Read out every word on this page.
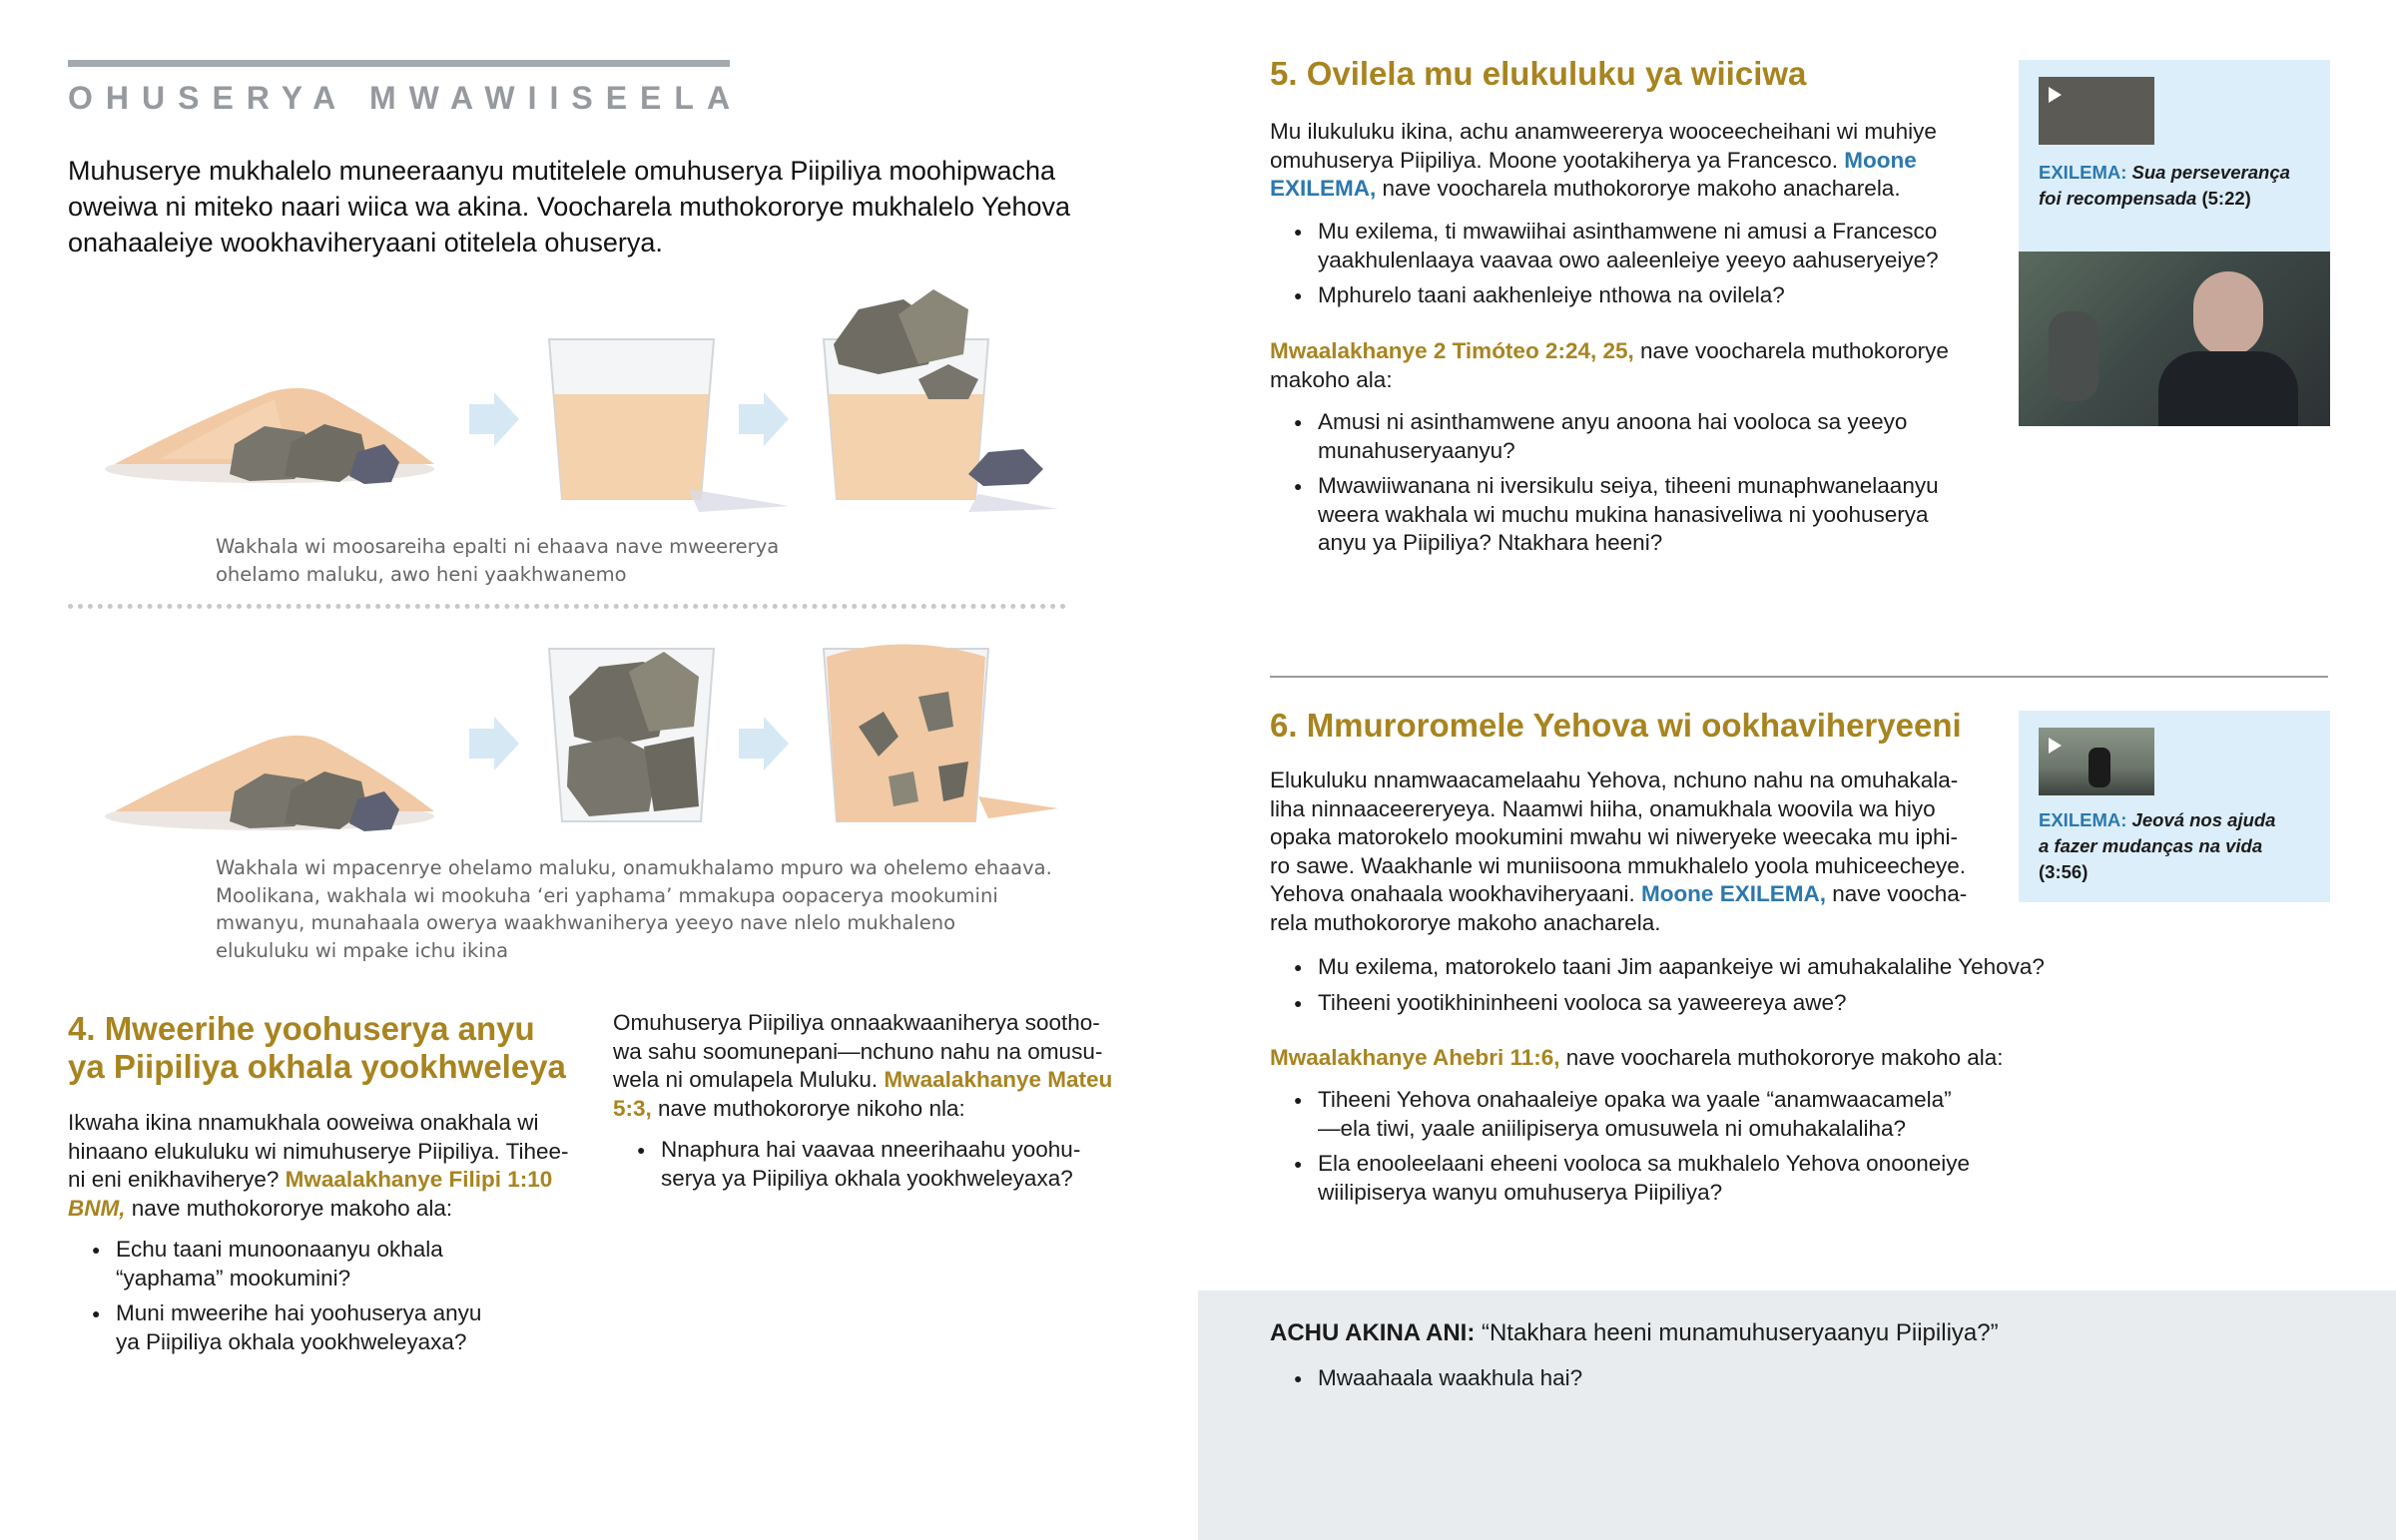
OHUSERYA MWAWIISEELA
Muhuserye mukhalelo muneeraanyu mutitelele omuhuserya Piipiliya moohipwacha oweiwa ni miteko naari wiica wa akina. Voocharela muthokororye mukhalelo Yehova onahaaleiye wookhaviheryaani otitelela ohuserya.
Wakhala wi moosareiha epalti ni ehaava nave mweererya
ohelamo maluku, awo heni yaakhwanemo
Wakhala wi mpacenrye ohelamo maluku, onamukhalamo mpuro wa ohelemo ehaava.
Moolikana, wakhala wi mookuha ‘eri yaphama’ mmakupa oopacerya mookumini
mwanyu, munahaala owerya waakhwaniherya yeeyo nave nlelo mukhaleno
elukuluku wi mpake ichu ikina
4. Mweerihe yoohuserya anyu
ya Piipiliya okhala yookhweleya
Ikwaha ikina nnamukhala ooweiwa onakhala wi
hinaano elukuluku wi nimuhuserye Piipiliya. Tihee-
ni eni enikhaviherye? Mwaalakhanye Filipi 1:10
BNM, nave muthokororye makoho ala:
● Echu taani munoonaanyu okhala
“yaphama” mookumini?
● Muni mweerihe hai yoohuserya anyu
ya Piipiliya okhala yookhweleyaxa?
Omuhuserya Piipiliya onnaakwaaniherya sootho-
wa sahu soomunepani—nchuno nahu na omusu-
wela ni omulapela Muluku. Mwaalakhanye Mateu
5:3, nave muthokororye nikoho nla:
● Nnaphura hai vaavaa nneerihaahu yoohu-
serya ya Piipiliya okhala yookhweleyaxa?
5. Ovilela mu elukuluku ya wiiciwa
Mu ilukuluku ikina, achu anamweererya wooceecheihani wi muhiye
omuhuserya Piipiliya. Moone yootakiherya ya Francesco. Moone
EXILEMA, nave voocharela muthokororye makoho anacharela.
● Mu exilema, ti mwawiihai asinthamwene ni amusi a Francesco
yaakhulenlaaya vaavaa owo aaleenleiye yeeyo aahuseryeiye?
● Mphurelo taani aakhenleiye nthowa na ovilela?
Mwaalakhanye 2 Timóteo 2:24, 25, nave voocharela muthokororye
makoho ala:
● Amusi ni asinthamwene anyu anoona hai vooloca sa yeeyo
munahuseryaanyu?
● Mwawiiwanana ni iversikulu seiya, tiheeni munaphwanelaanyu
weera wakhala wi muchu mukina hanasiveliwa ni yoohuserya
anyu ya Piipiliya? Ntakhara heeni?
EXILEMA: Sua perseverança
foi recompensada (5:22)
6. Mmuroromele Yehova wi ookhaviheryeeni
Elukuluku nnamwaacamelaahu Yehova, nchuno nahu na omuhakala-
liha ninnaaceereryeya. Naamwi hiiha, onamukhala woovila wa hiyo
opaka matorokelo mookumini mwahu wi niweryeke weecaka mu iphi-
ro sawe. Waakhanle wi muniisoona mmukhalelo yoola muhiceecheye.
Yehova onahaala wookhaviheryaani. Moone EXILEMA, nave voocha-
rela muthokororye makoho anacharela.
● Mu exilema, matorokelo taani Jim aapankeiye wi amuhakalalihe Yehova?
● Tiheeni yootikhininheeni vooloca sa yaweereya awe?
Mwaalakhanye Ahebri 11:6, nave voocharela muthokororye makoho ala:
● Tiheeni Yehova onahaaleiye opaka wa yaale “anamwaacamela”
—ela tiwi, yaale aniilipiserya omusuwela ni omuhakalaliha?
● Ela enooleelaani eheeni vooloca sa mukhalelo Yehova onooneiye
wiilipiserya wanyu omuhuserya Piipiliya?
EXILEMA: Jeová nos ajuda
a fazer mudanças na vida
(3:56)
ACHU AKINA ANI: “Ntakhara heeni munamuhuseryaanyu Piipiliya?”
● Mwaahaala waakhula hai?
